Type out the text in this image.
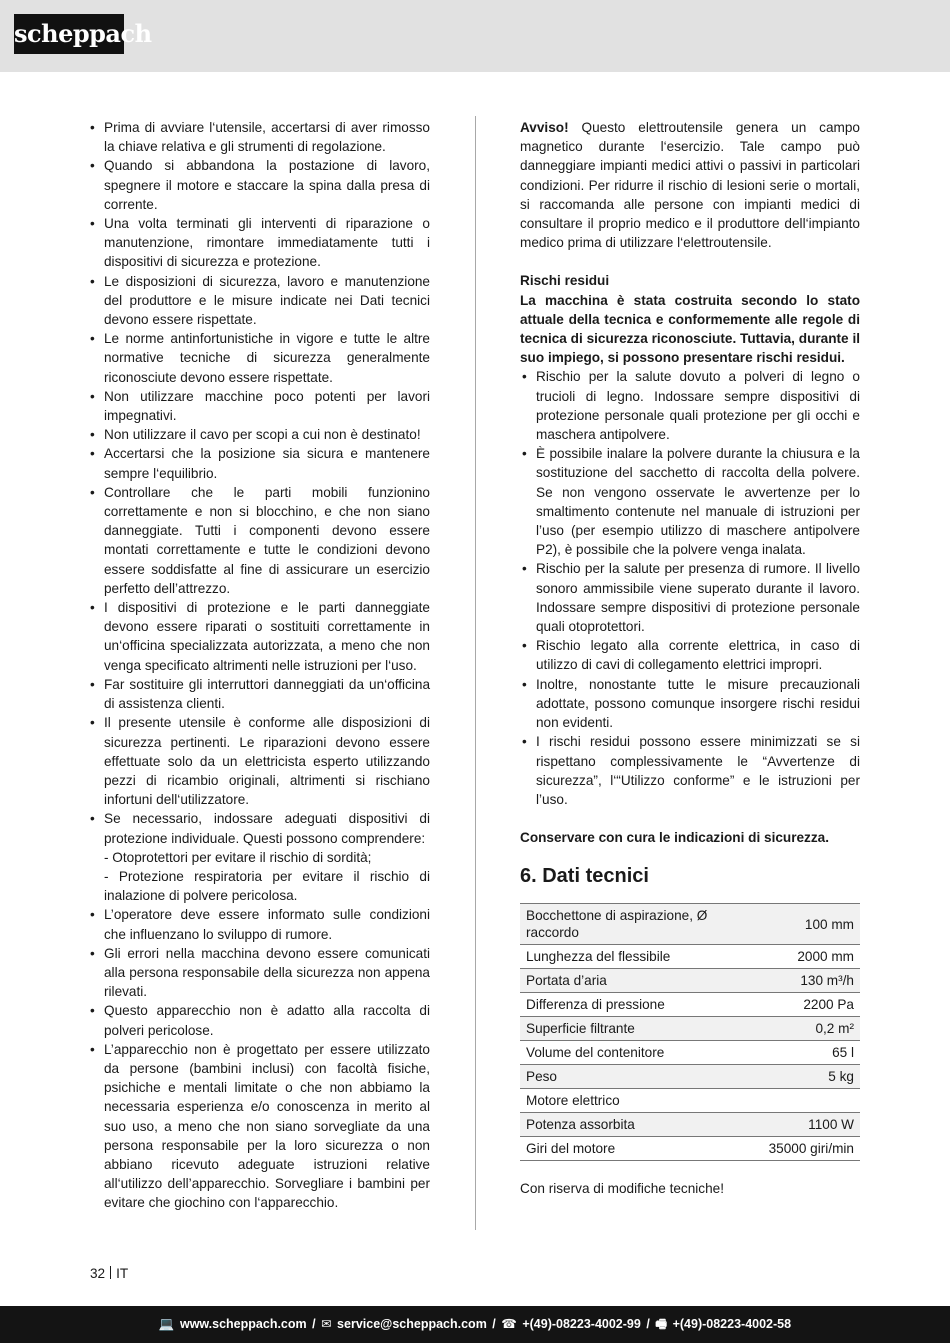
scheppach
• Prima di avviare l‘utensile, accertarsi di aver rimosso la chiave relativa e gli strumenti di regolazione.
• Quando si abbandona la postazione di lavoro, spegnere il motore e staccare la spina dalla presa di corrente.
• Una volta terminati gli interventi di riparazione o manutenzione, rimontare immediatamente tutti i dispositivi di sicurezza e protezione.
• Le disposizioni di sicurezza, lavoro e manutenzione del produttore e le misure indicate nei Dati tecnici devono essere rispettate.
• Le norme antinfortunistiche in vigore e tutte le altre normative tecniche di sicurezza generalmente riconosciute devono essere rispettate.
• Non utilizzare macchine poco potenti per lavori impegnativi.
• Non utilizzare il cavo per scopi a cui non è destinato!
• Accertarsi che la posizione sia sicura e mantenere sempre l‘equilibrio.
• Controllare che le parti mobili funzionino correttamente e non si blocchino, e che non siano danneggiate. Tutti i componenti devono essere montati correttamente e tutte le condizioni devono essere soddisfatte al fine di assicurare un esercizio perfetto dell’attrezzo.
• I dispositivi di protezione e le parti danneggiate devono essere riparati o sostituiti correttamente in un‘officina specializzata autorizzata, a meno che non venga specificato altrimenti nelle istruzioni per l‘uso.
• Far sostituire gli interruttori danneggiati da un‘officina di assistenza clienti.
• Il presente utensile è conforme alle disposizioni di sicurezza pertinenti. Le riparazioni devono essere effettuate solo da un elettricista esperto utilizzando pezzi di ricambio originali, altrimenti si rischiano infortuni dell‘utilizzatore.
• Se necessario, indossare adeguati dispositivi di protezione individuale. Questi possono comprendere:
- Otoprotettori per evitare il rischio di sordità;
- Protezione respiratoria per evitare il rischio di inalazione di polvere pericolosa.
• L’operatore deve essere informato sulle condizioni che influenzano lo sviluppo di rumore.
• Gli errori nella macchina devono essere comunicati alla persona responsabile della sicurezza non appena rilevati.
• Questo apparecchio non è adatto alla raccolta di polveri pericolose.
• L’apparecchio non è progettato per essere utilizzato da persone (bambini inclusi) con facoltà fisiche, psichiche e mentali limitate o che non abbiamo la necessaria esperienza e/o conoscenza in merito al suo uso, a meno che non siano sorvegliate da una persona responsabile per la loro sicurezza o non abbiano ricevuto adeguate istruzioni relative all‘utilizzo dell’apparecchio. Sorvegliare i bambini per evitare che giochino con l‘apparecchio.

Avviso! Questo elettroutensile genera un campo magnetico durante l‘esercizio. Tale campo può danneggiare impianti medici attivi o passivi in particolari condizioni. Per ridurre il rischio di lesioni serie o mortali, si raccomanda alle persone con impianti medici di consultare il proprio medico e il produttore dell‘impianto medico prima di utilizzare l‘elettroutensile.

Rischi residui

La macchina è stata costruita secondo lo stato attuale della tecnica e conformemente alle regole di tecnica di sicurezza riconosciute. Tuttavia, durante il suo impiego, si possono presentare rischi residui.

• Rischio per la salute dovuto a polveri di legno o trucioli di legno. Indossare sempre dispositivi di protezione personale quali protezione per gli occhi e maschera antipolvere.
• È possibile inalare la polvere durante la chiusura e la sostituzione del sacchetto di raccolta della polvere. Se non vengono osservate le avvertenze per lo smaltimento contenute nel manuale di istruzioni per l’uso (per esempio utilizzo di maschere antipolvere P2), è possibile che la polvere venga inalata.
• Rischio per la salute per presenza di rumore. Il livello sonoro ammissibile viene superato durante il lavoro. Indossare sempre dispositivi di protezione personale quali otoprotettori.
• Rischio legato alla corrente elettrica, in caso di utilizzo di cavi di collegamento elettrici impropri.
• Inoltre, nonostante tutte le misure precauzionali adottate, possono comunque insorgere rischi residui non evidenti.
• I rischi residui possono essere minimizzati se si rispettano complessivamente le “Avvertenze di sicurezza”, l‘“Utilizzo conforme” e le istruzioni per l’uso.
Conservare con cura le indicazioni di sicurezza.
6. Dati tecnici
Bocchettone di aspirazione, Ø raccordo	100 mm
Lunghezza del flessibile	2000 mm
Portata d’aria	130 m³/h
Differenza di pressione	2200 Pa
Superficie filtrante	0,2 m²
Volume del contenitore	65 l
Peso	5 kg
Motore elettrico	
Potenza assorbita	1100 W
Giri del motore	35000 giri/min
Con riserva di modifiche tecniche!
32 IT
💻 www.scheppach.com / ✉ service@scheppach.com / ☎ +(49)-08223-4002-99 / 🖷 +(49)-08223-4002-58
